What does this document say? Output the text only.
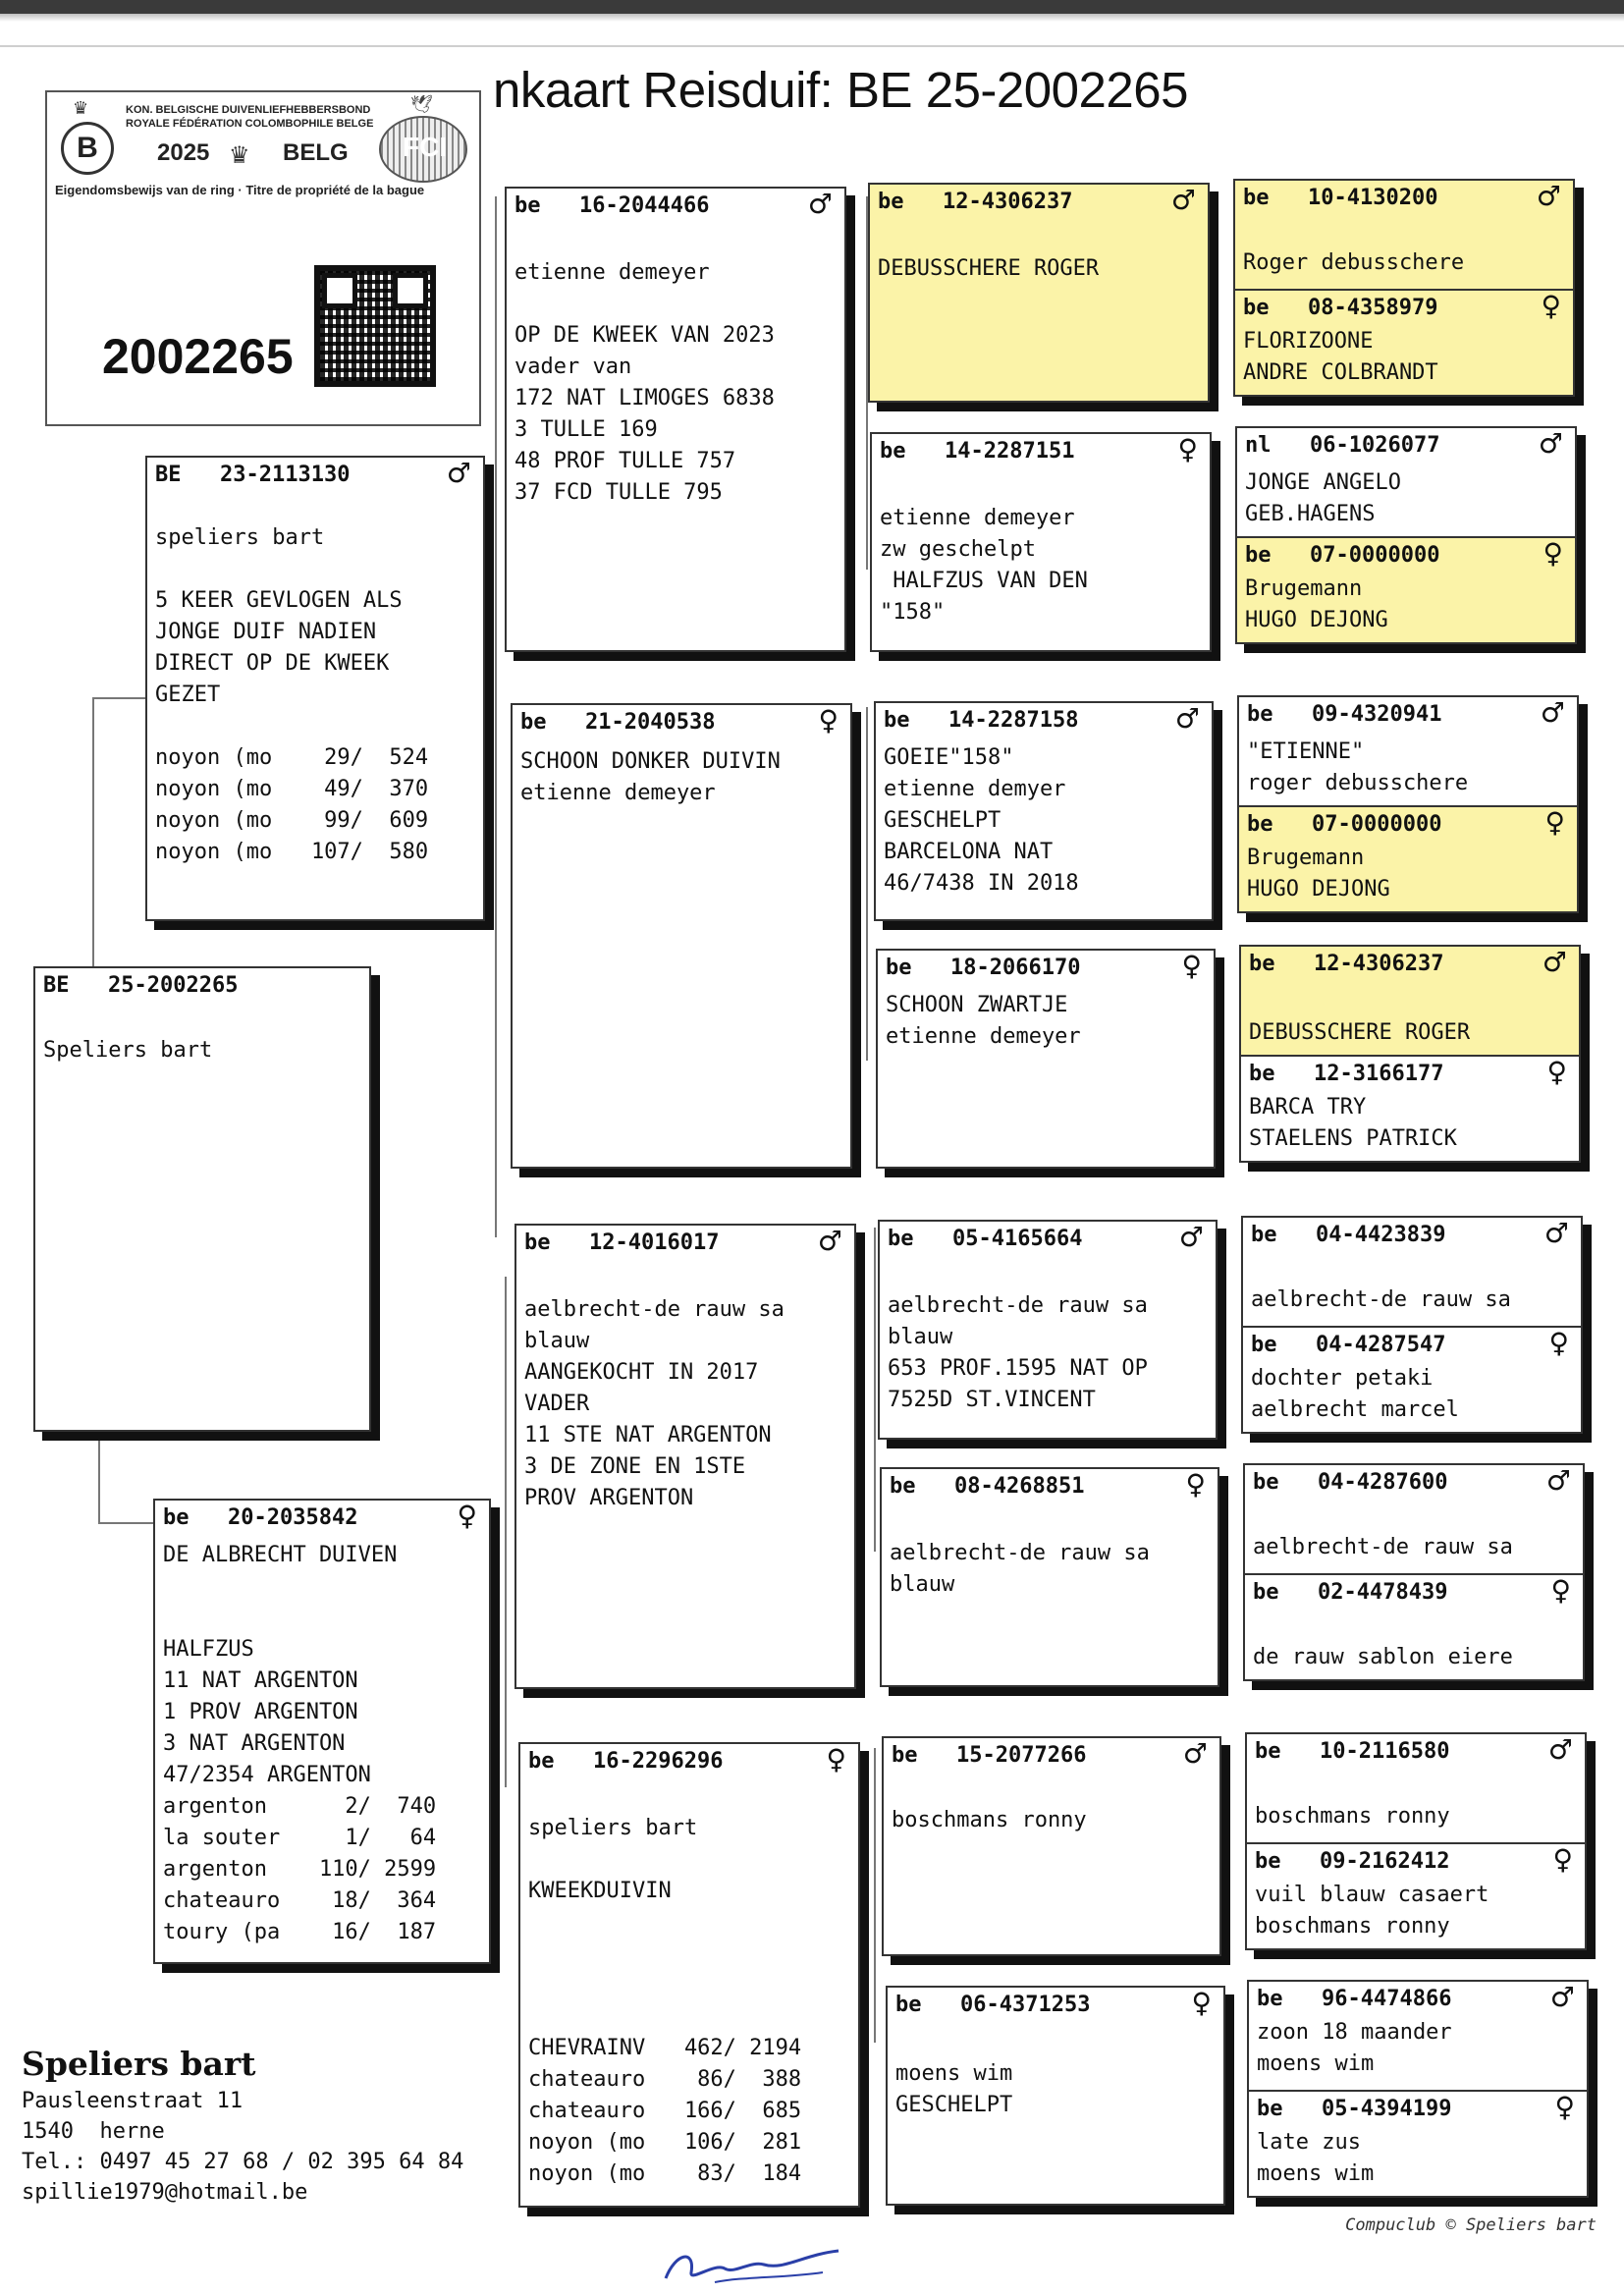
nkaart Reisduif: BE 25-2002265
♛
B
KON. BELGISCHE DUIVENLIEFHEBBERSBOND
ROYALE FÉDÉRATION COLOMBOPHILE BELGE
2025 ♛ BELG FCI
🕊
Eigendomsbewijs van de ring · Titre de propriété de la bague
2002265
BE 25-2002265
Speliers bart
BE 23-2113130	♂
speliers bart

5 KEER GEVLOGEN ALS
JONGE DUIF NADIEN
DIRECT OP DE KWEEK
GEZET

noyon (mo    29/  524
noyon (mo    49/  370
noyon (mo    99/  609
noyon (mo   107/  580
be 20-2035842	♀
DE ALBRECHT DUIVEN

HALFZUS
11 NAT ARGENTON
1 PROV ARGENTON
3 NAT ARGENTON
47/2354 ARGENTON
argenton      2/  740
la souter     1/   64
argenton    110/ 2599
chateauro    18/  364
toury (pa    16/  187
be 16-2044466	♂
etienne demeyer

OP DE KWEEK VAN 2023
vader van
172 NAT LIMOGES 6838
3 TULLE 169
48 PROF TULLE 757
37 FCD TULLE 795
be 21-2040538	♀
SCHOON DONKER DUIVIN
etienne demeyer
be 12-4016017	♂
aelbrecht-de rauw sa
blauw
AANGEKOCHT IN 2017
VADER
11 STE NAT ARGENTON
3 DE ZONE EN 1STE
PROV ARGENTON
be 16-2296296	♀
speliers bart

KWEEKDUIVIN

CHEVRAINV   462/ 2194
chateauro    86/  388
chateauro   166/  685
noyon (mo   106/  281
noyon (mo    83/  184
be 12-4306237	♂
DEBUSSCHERE ROGER
be 14-2287151	♀
etienne demeyer
zw geschelpt
HALFZUS VAN DEN
"158"
be 14-2287158	♂
GOEIE"158"
etienne demyer
GESCHELPT
BARCELONA NAT
46/7438 IN 2018
be 18-2066170	♀
SCHOON ZWARTJE
etienne demeyer
be 05-4165664	♂
aelbrecht-de rauw sa
blauw
653 PROF.1595 NAT OP
7525D ST.VINCENT
be 08-4268851	♀
aelbrecht-de rauw sa
blauw
be 15-2077266	♂
boschmans ronny
be 06-4371253	♀
moens wim
GESCHELPT
be 10-4130200	♂
Roger debusschere
be 08-4358979	♀
FLORIZOONE
ANDRE COLBRANDT
nl 06-1026077	♂
JONGE ANGELO
GEB.HAGENS
be 07-0000000	♀
Brugemann
HUGO DEJONG
be 09-4320941	♂
"ETIENNE"
roger debusschere
be 07-0000000	♀
Brugemann
HUGO DEJONG
be 12-4306237	♂

DEBUSSCHERE ROGER
be 12-3166177	♀
BARCA TRY
STAELENS PATRICK
be 04-4423839	♂

aelbrecht-de rauw sa
be 04-4287547	♀
dochter petaki
aelbrecht marcel
be 04-4287600	♂

aelbrecht-de rauw sa
be 02-4478439	♀

de rauw sablon eiere
be 10-2116580	♂

boschmans ronny
be 09-2162412	♀
vuil blauw casaert
boschmans ronny
be 96-4474866	♂
zoon 18 maander
moens wim
be 05-4394199	♀
late zus
moens wim
Speliers bart
Pausleenstraat 11
1540  herne
Tel.: 0497 45 27 68 / 02 395 64 84
spillie1979@hotmail.be
Compuclub © Speliers bart
